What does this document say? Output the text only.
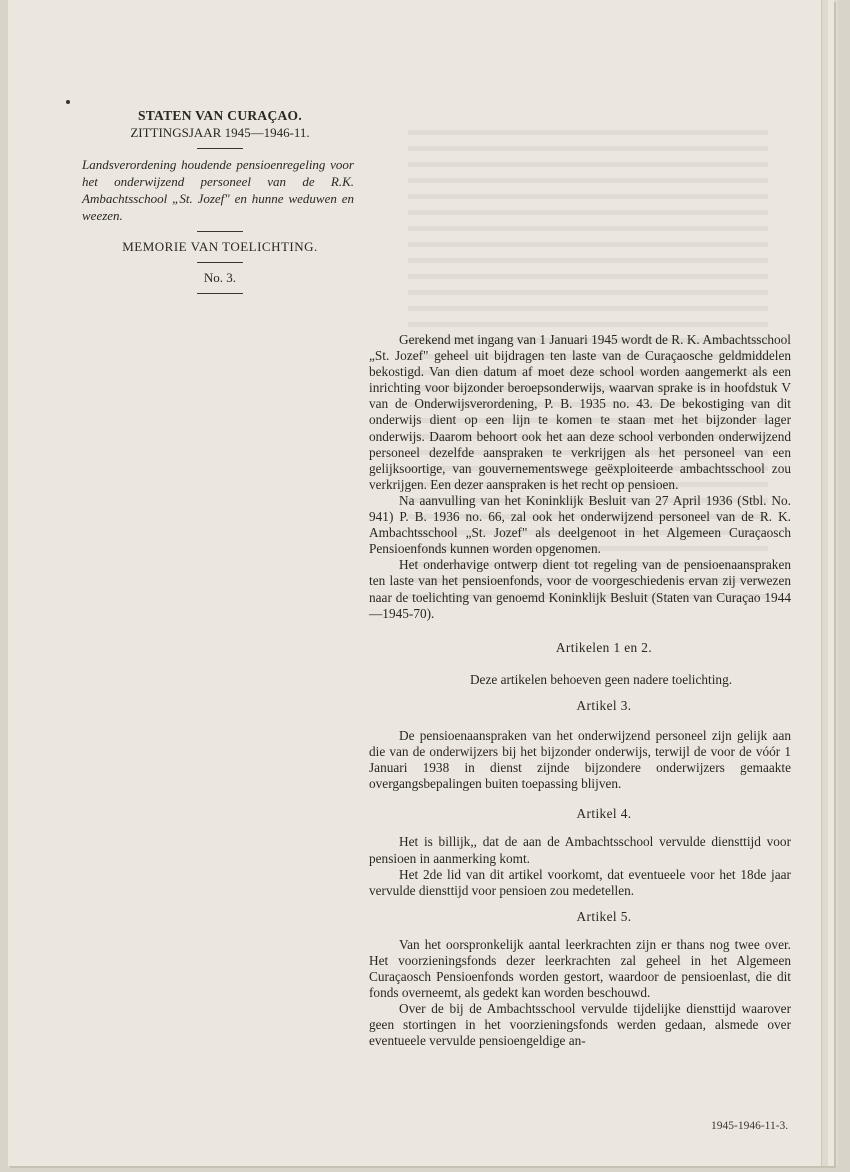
STATEN VAN CURAÇAO.
ZITTINGSJAAR 1945—1946-11.
Landsverordening houdende pensioenregeling voor het onderwijzend personeel van de R.K. Ambachtsschool „St. Jozef" en hunne weduwen en weezen.
MEMORIE VAN TOELICHTING.
No. 3.

Gerekend met ingang van 1 Januari 1945 wordt de R. K. Ambachtsschool „St. Jozef" geheel uit bijdragen ten laste van de Curaçaosche geldmiddelen bekostigd. Van dien datum af moet deze school worden aangemerkt als een inrichting voor bijzonder beroepsonderwijs, waarvan sprake is in hoofdstuk V van de Onderwijsverordening, P. B. 1935 no. 43. De bekostiging van dit onderwijs dient op een lijn te komen te staan met het bijzonder lager onderwijs. Daarom behoort ook het aan deze school verbonden onderwijzend personeel dezelfde aanspraken te verkrijgen als het personeel van een gelijksoortige, van gouvernementswege geëxploiteerde ambachtsschool zou verkrijgen. Een dezer aanspraken is het recht op pensioen.

Na aanvulling van het Koninklijk Besluit van 27 April 1936 (Stbl. No. 941) P. B. 1936 no. 66, zal ook het onderwijzend personeel van de R. K. Ambachtsschool „St. Jozef" als deelgenoot in het Algemeen Curaçaosch Pensioenfonds kunnen worden opgenomen.

Het onderhavige ontwerp dient tot regeling van de pensioenaanspraken ten laste van het pensioenfonds, voor de voorgeschiedenis ervan zij verwezen naar de toelichting van genoemd Koninklijk Besluit (Staten van Curaçao 1944—1945-70).

Artikelen 1 en 2.

Deze artikelen behoeven geen nadere toelichting.

Artikel 3.

De pensioenaanspraken van het onderwijzend personeel zijn gelijk aan die van de onderwijzers bij het bijzonder onderwijs, terwijl de voor de vóór 1 Januari 1938 in dienst zijnde bijzondere onderwijzers gemaakte overgangsbepalingen buiten toepassing blijven.

Artikel 4.

Het is billijk,, dat de aan de Ambachtsschool vervulde diensttijd voor pensioen in aanmerking komt.

Het 2de lid van dit artikel voorkomt, dat eventueele voor het 18de jaar vervulde diensttijd voor pensioen zou medetellen.

Artikel 5.

Van het oorspronkelijk aantal leerkrachten zijn er thans nog twee over. Het voorzieningsfonds dezer leerkrachten zal geheel in het Algemeen Curaçaosch Pensioenfonds worden gestort, waardoor de pensioenlast, die dit fonds overneemt, als gedekt kan worden beschouwd.

Over de bij de Ambachtsschool vervulde tijdelijke diensttijd waarover geen stortingen in het voorzieningsfonds werden gedaan, alsmede over eventueele vervulde pensioengeldige an-

1945-1946-11-3.
